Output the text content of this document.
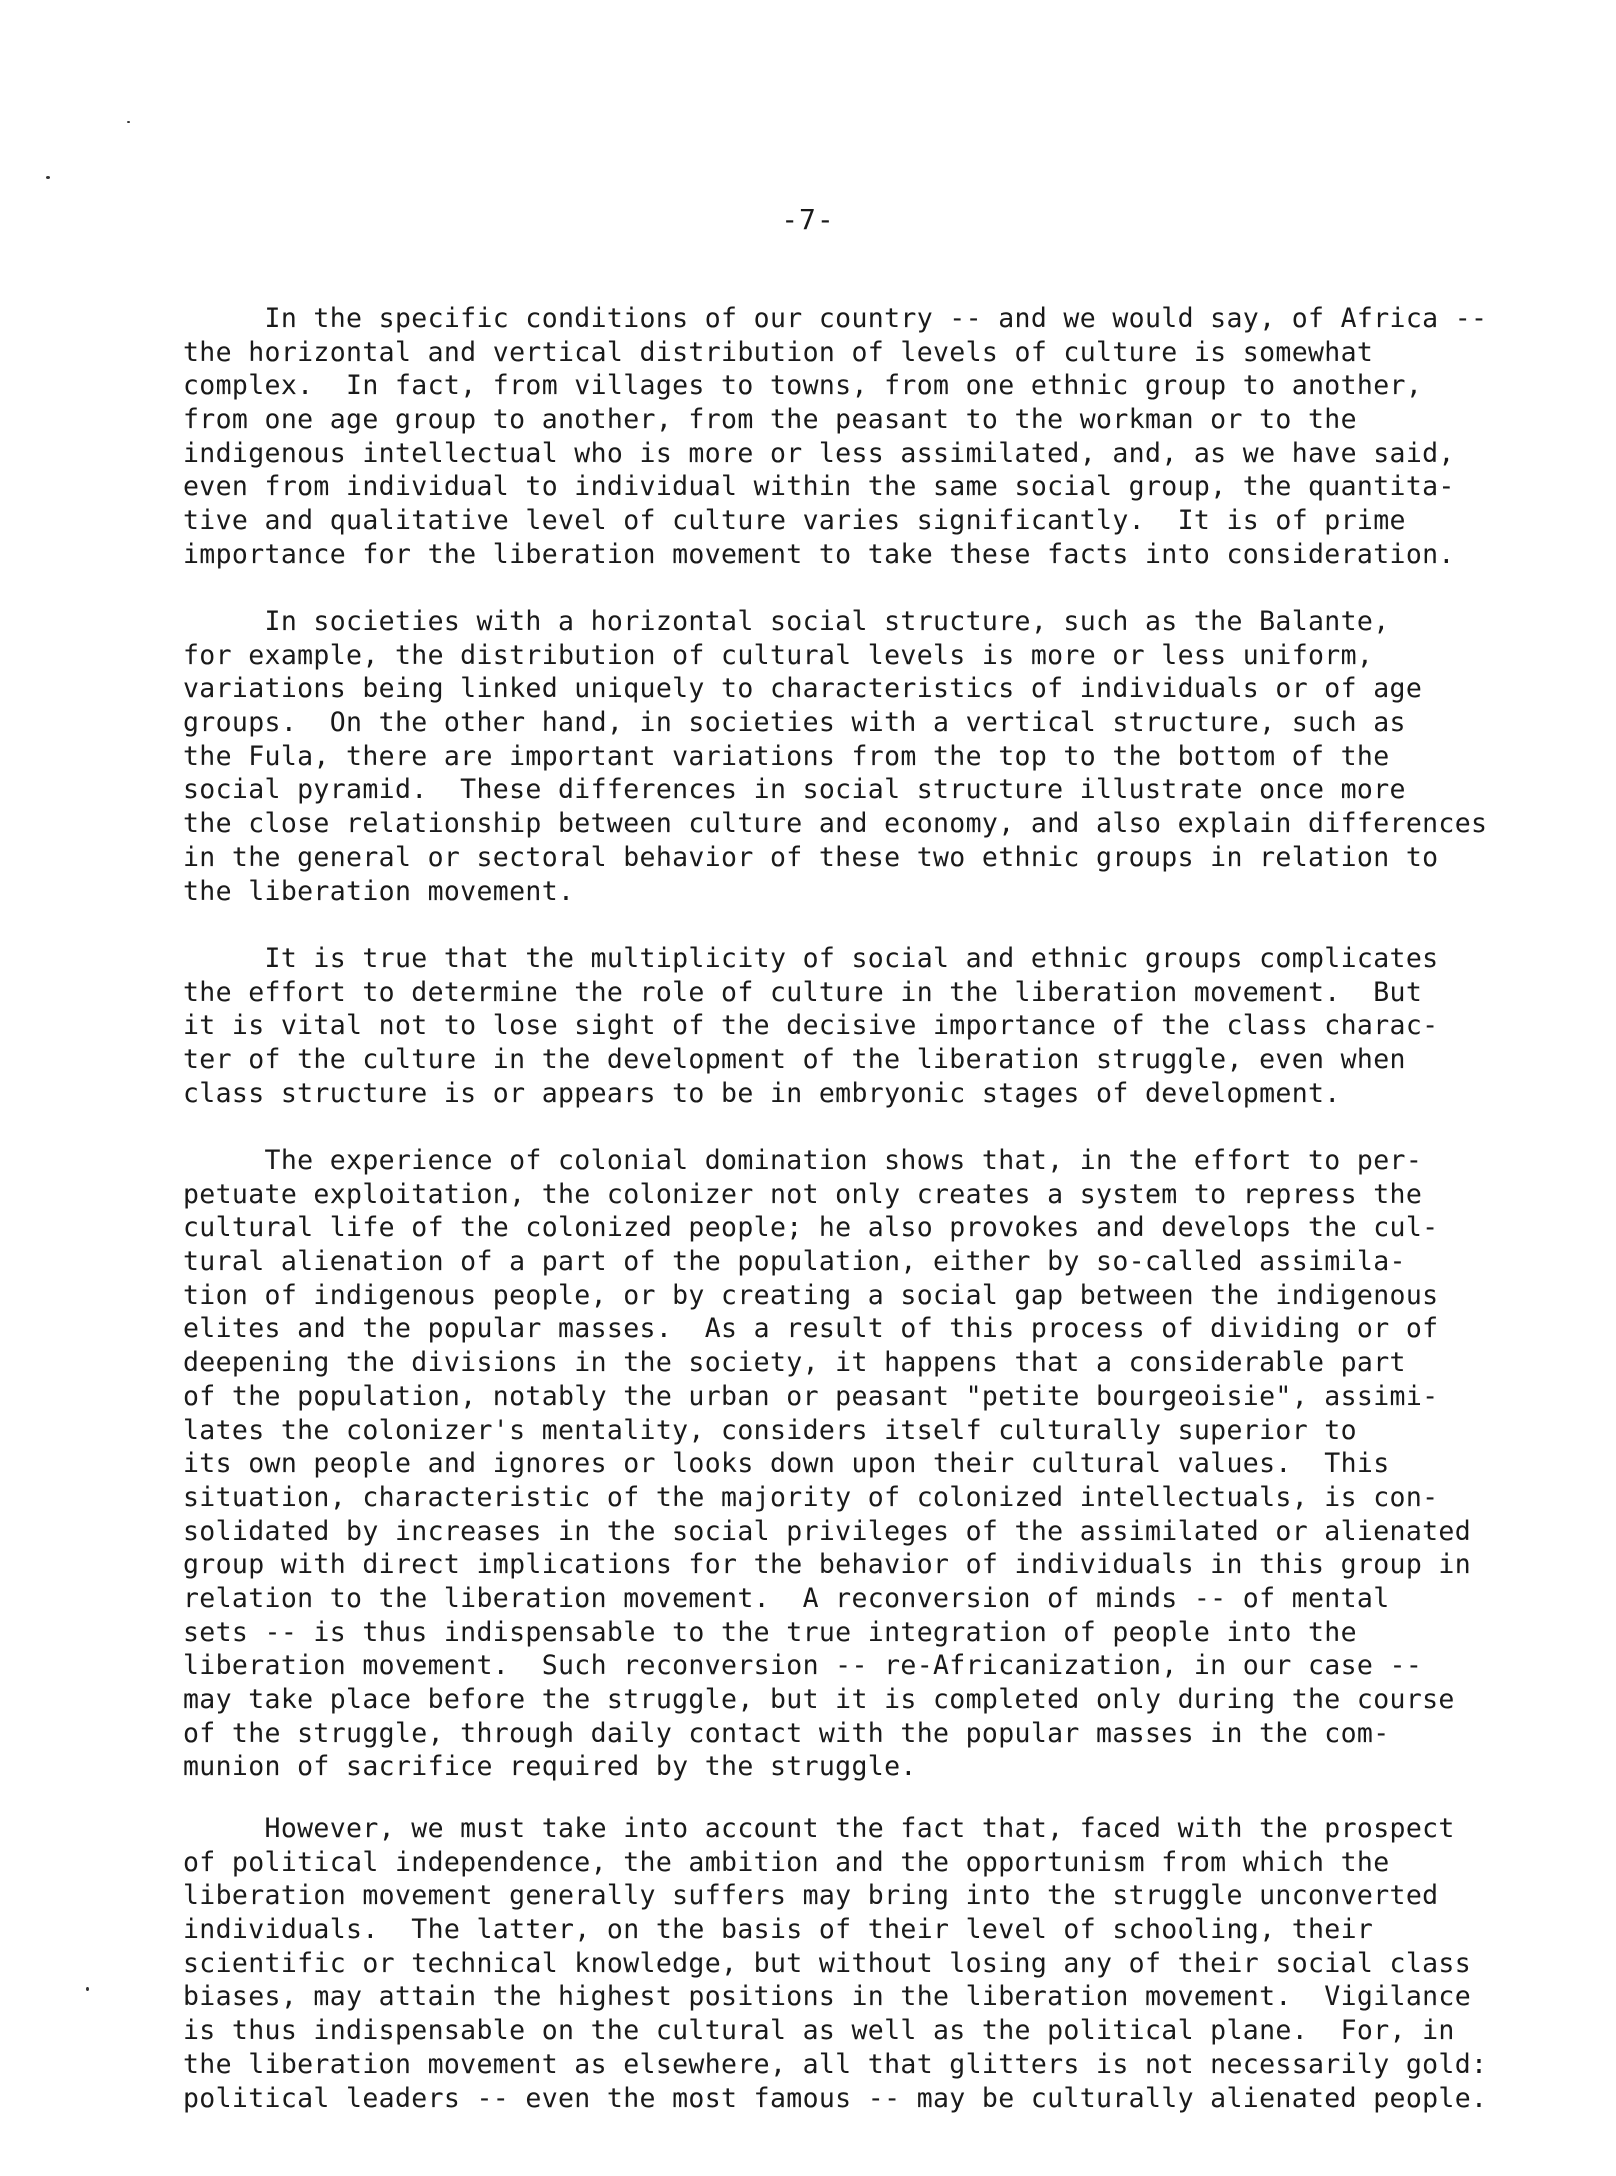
-7-
In the specific conditions of our country -- and we would say, of Africa --
the horizontal and vertical distribution of levels of culture is somewhat
complex.  In fact, from villages to towns, from one ethnic group to another,
from one age group to another, from the peasant to the workman or to the
indigenous intellectual who is more or less assimilated, and, as we have said,
even from individual to individual within the same social group, the quantita-
tive and qualitative level of culture varies significantly.  It is of prime
importance for the liberation movement to take these facts into consideration.
In societies with a horizontal social structure, such as the Balante,
for example, the distribution of cultural levels is more or less uniform,
variations being linked uniquely to characteristics of individuals or of age
groups.  On the other hand, in societies with a vertical structure, such as
the Fula, there are important variations from the top to the bottom of the
social pyramid.  These differences in social structure illustrate once more
the close relationship between culture and economy, and also explain differences
in the general or sectoral behavior of these two ethnic groups in relation to
the liberation movement.
It is true that the multiplicity of social and ethnic groups complicates
the effort to determine the role of culture in the liberation movement.  But
it is vital not to lose sight of the decisive importance of the class charac-
ter of the culture in the development of the liberation struggle, even when
class structure is or appears to be in embryonic stages of development.
The experience of colonial domination shows that, in the effort to per-
petuate exploitation, the colonizer not only creates a system to repress the
cultural life of the colonized people; he also provokes and develops the cul-
tural alienation of a part of the population, either by so-called assimila-
tion of indigenous people, or by creating a social gap between the indigenous
elites and the popular masses.  As a result of this process of dividing or of
deepening the divisions in the society, it happens that a considerable part
of the population, notably the urban or peasant "petite bourgeoisie", assimi-
lates the colonizer's mentality, considers itself culturally superior to
its own people and ignores or looks down upon their cultural values.  This
situation, characteristic of the majority of colonized intellectuals, is con-
solidated by increases in the social privileges of the assimilated or alienated
group with direct implications for the behavior of individuals in this group in
relation to the liberation movement.  A reconversion of minds -- of mental
sets -- is thus indispensable to the true integration of people into the
liberation movement.  Such reconversion -- re-Africanization, in our case --
may take place before the struggle, but it is completed only during the course
of the struggle, through daily contact with the popular masses in the com-
munion of sacrifice required by the struggle.
However, we must take into account the fact that, faced with the prospect
of political independence, the ambition and the opportunism from which the
liberation movement generally suffers may bring into the struggle unconverted
individuals.  The latter, on the basis of their level of schooling, their
scientific or technical knowledge, but without losing any of their social class
biases, may attain the highest positions in the liberation movement.  Vigilance
is thus indispensable on the cultural as well as the political plane.  For, in
the liberation movement as elsewhere, all that glitters is not necessarily gold:
political leaders -- even the most famous -- may be culturally alienated people.
